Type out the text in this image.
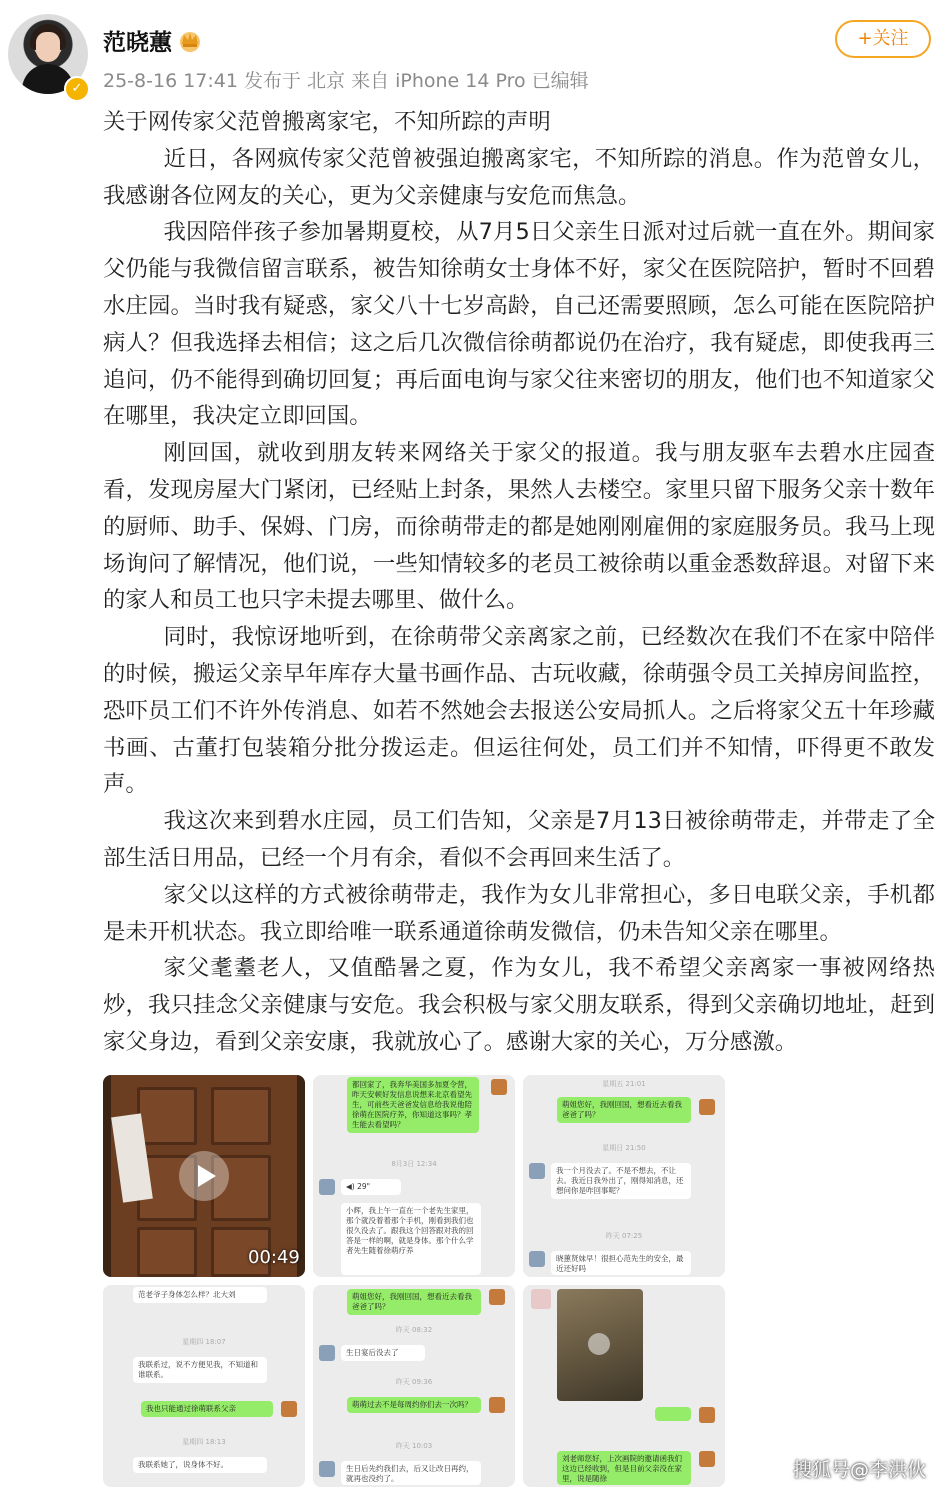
✓
范晓蕙
25-8-16 17:41 发布于 北京 来自 iPhone 14 Pro 已编辑
+关注

关于网传家父范曾搬离家宅，不知所踪的声明

近日，各网疯传家父范曾被强迫搬离家宅，不知所踪的消息。作为范曾女儿，我感谢各位网友的关心，更为父亲健康与安危而焦急。

我因陪伴孩子参加暑期夏校，从7月5日父亲生日派对过后就一直在外。期间家父仍能与我微信留言联系，被告知徐萌女士身体不好，家父在医院陪护，暂时不回碧水庄园。当时我有疑惑，家父八十七岁高龄，自己还需要照顾，怎么可能在医院陪护病人？但我选择去相信；这之后几次微信徐萌都说仍在治疗，我有疑虑，即使我再三追问，仍不能得到确切回复；再后面电询与家父往来密切的朋友，他们也不知道家父在哪里，我决定立即回国。

刚回国，就收到朋友转来网络关于家父的报道。我与朋友驱车去碧水庄园查看，发现房屋大门紧闭，已经贴上封条，果然人去楼空。家里只留下服务父亲十数年的厨师、助手、保姆、门房，而徐萌带走的都是她刚刚雇佣的家庭服务员。我马上现场询问了解情况，他们说，一些知情较多的老员工被徐萌以重金悉数辞退。对留下来的家人和员工也只字未提去哪里、做什么。

同时，我惊讶地听到，在徐萌带父亲离家之前，已经数次在我们不在家中陪伴的时候，搬运父亲早年库存大量书画作品、古玩收藏，徐萌强令员工关掉房间监控，恐吓员工们不许外传消息、如若不然她会去报送公安局抓人。之后将家父五十年珍藏书画、古董打包装箱分批分拨运走。但运往何处，员工们并不知情，吓得更不敢发声。

我这次来到碧水庄园，员工们告知，父亲是7月13日被徐萌带走，并带走了全部生活日用品，已经一个月有余，看似不会再回来生活了。

家父以这样的方式被徐萌带走，我作为女儿非常担心，多日电联父亲，手机都是未开机状态。我立即给唯一联系通道徐萌发微信，仍未告知父亲在哪里。

家父耄耋老人，又值酷暑之夏，作为女儿，我不希望父亲离家一事被网络热炒，我只挂念父亲健康与安危。我会积极与家父朋友联系，得到父亲确切地址，赶到家父身边，看到父亲安康，我就放心了。感谢大家的关心，万分感激。

00:49
都回家了，我奔华美国多加夏令营，昨天安顿好发信息说想来北京看望先生，可前些天爸爸发信息给我说他陪徐萌在医院疗养，你知道这事吗？孝生能去看望吗？
8月3日 12:34
◀) 29"
小辉，我上午一直在一个老先生家里，那个就没着着那个手机，刚看到我们也很久没去了。跟我这个回答跟对我的回答是一样的啊，就是身体。那个什么学者先生随着徐萌疗养
星期五 21:01
萌姐您好，我刚回国，想看近去看我爸爸了吗？
星期日 21:50
我一个月没去了。不是不想去，不让去。我近日我外出了，刚得知消息，还想问你是咋回事呢？
昨天 07:25
晓蕙贤妹早！很担心范先生的安全，最近还好吗
范老爷子身体怎么样？北大刘
星期四 18:07
我联系过，说不方便见我，不知道和谁联系。
我也只能通过徐萌联系父亲
星期四 18:13
我联系她了，说身体不好。
萌姐您好，我刚回国，想看近去看我爸爸了吗？
昨天 08:32
生日宴后没去了
昨天 09:36
萌萌过去不是每周约你们去一次吗？
昨天 10:03
生日后先约我们去，后又让改日再约，就再也没约了。
刘老师您好，上次画院的邀请函我们这边已经收到，但是目前父亲没在家里，说是随徐	搜狐号@李洪伙
